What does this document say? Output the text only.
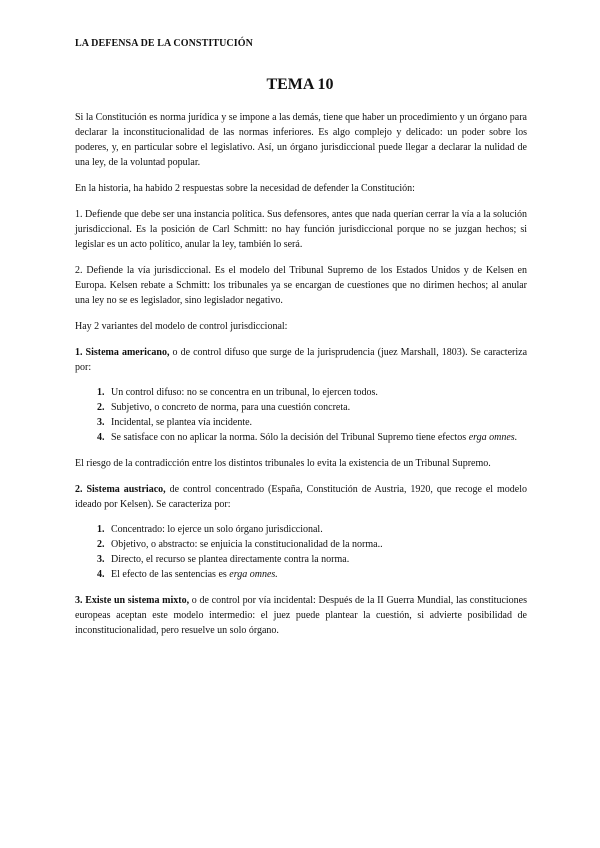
LA DEFENSA DE LA CONSTITUCIÓN
TEMA 10

Si la Constitución es norma jurídica y se impone a las demás, tiene que haber un procedimiento y un órgano para declarar la inconstitucionalidad de las normas inferiores. Es algo complejo y delicado: un poder sobre los poderes, y, en particular sobre el legislativo. Así, un órgano jurisdiccional puede llegar a declarar la nulidad de una ley, de la voluntad popular.

En la historia, ha habido 2 respuestas sobre la necesidad de defender la Constitución:

1. Defiende que debe ser una instancia política. Sus defensores, antes que nada querían cerrar la vía a la solución jurisdiccional. Es la posición de Carl Schmitt: no hay función jurisdiccional porque no se juzgan hechos; si legislar es un acto político, anular la ley, también lo será.

2. Defiende la vía jurisdiccional. Es el modelo del Tribunal Supremo de los Estados Unidos y de Kelsen en Europa. Kelsen rebate a Schmitt: los tribunales ya se encargan de cuestiones que no dirimen hechos; al anular una ley no se es legislador, sino legislador negativo.

Hay 2 variantes del modelo de control jurisdiccional:

1. Sistema americano, o de control difuso que surge de la jurisprudencia (juez Marshall, 1803). Se caracteriza por:

1. Un control difuso: no se concentra en un tribunal, lo ejercen todos.
2. Subjetivo, o concreto de norma, para una cuestión concreta.
3. Incidental, se plantea vía incidente.
4. Se satisface con no aplicar la norma. Sólo la decisión del Tribunal Supremo tiene efectos erga omnes.

El riesgo de la contradicción entre los distintos tribunales lo evita la existencia de un Tribunal Supremo.

2. Sistema austriaco, de control concentrado (España, Constitución de Austria, 1920, que recoge el modelo ideado por Kelsen). Se caracteriza por:

1. Concentrado: lo ejerce un solo órgano jurisdiccional.
2. Objetivo, o abstracto: se enjuicia la constitucionalidad de la norma..
3. Directo, el recurso se plantea directamente contra la norma.
4. El efecto de las sentencias es erga omnes.

3. Existe un sistema mixto, o de control por vía incidental: Después de la II Guerra Mundial, las constituciones europeas aceptan este modelo intermedio: el juez puede plantear la cuestión, si advierte posibilidad de inconstitucionalidad, pero resuelve un solo órgano.
